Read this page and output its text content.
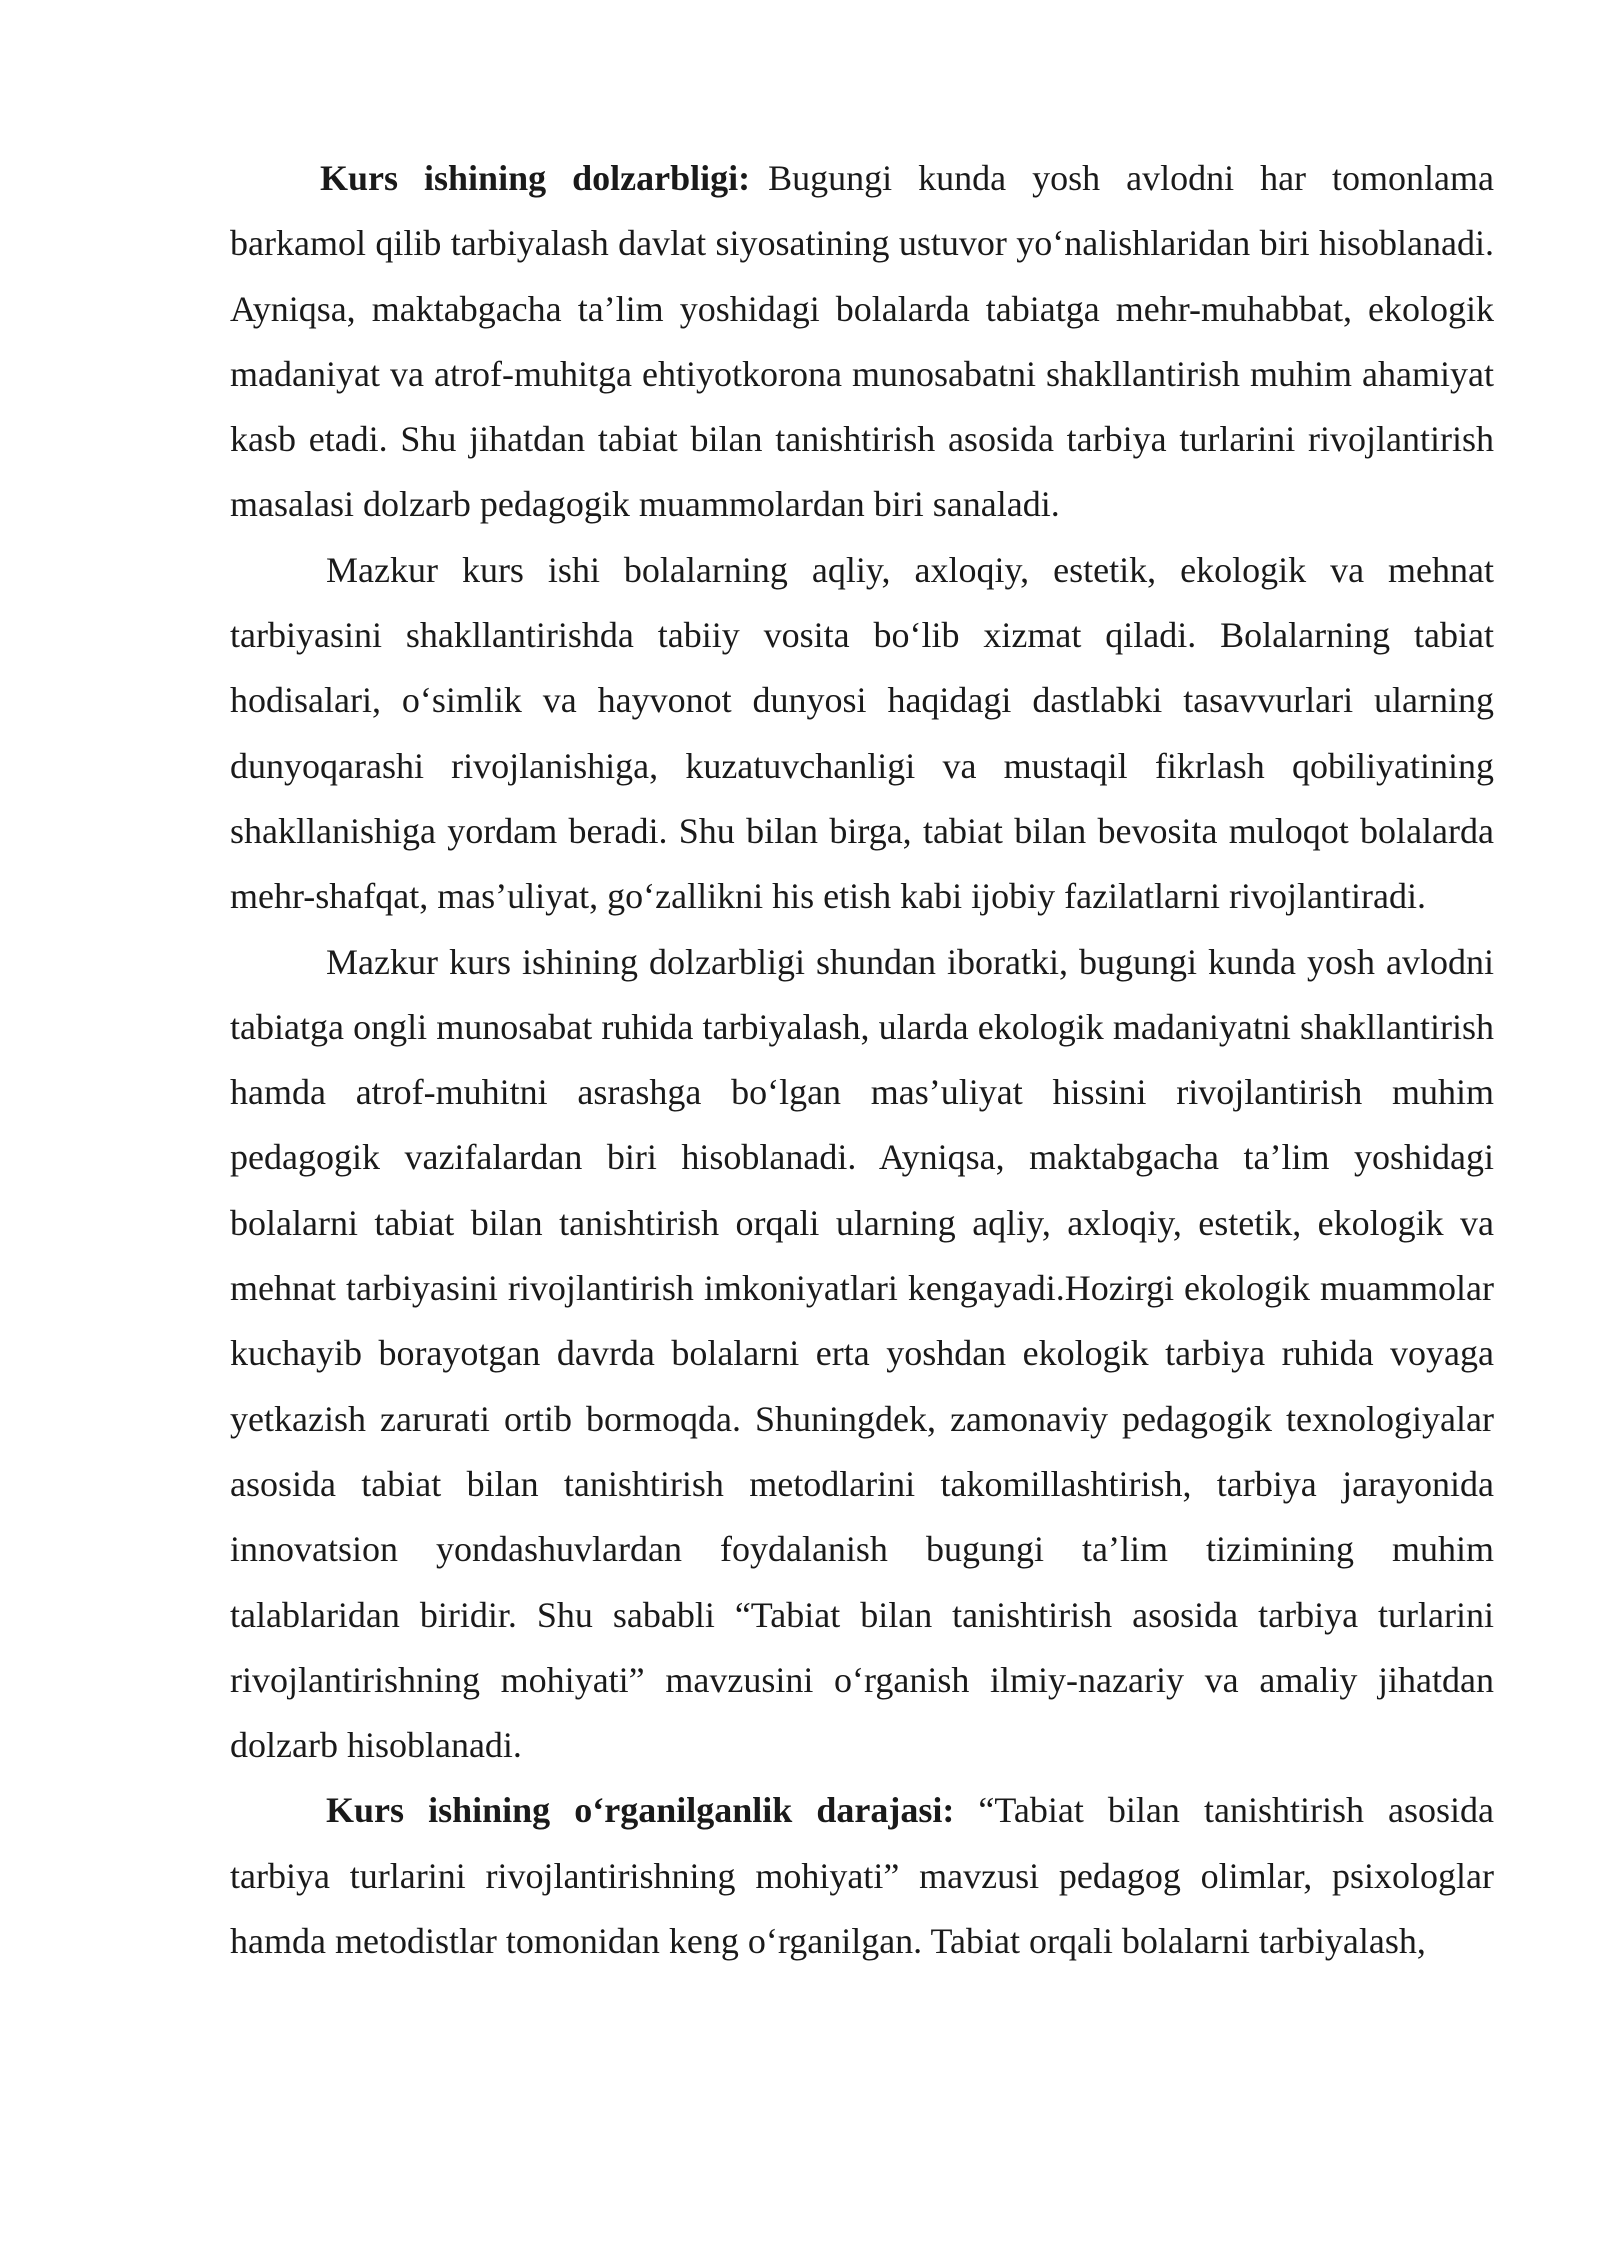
Kurs ishining dolzarbligi: Bugungi kunda yosh avlodni har tomonlama barkamol qilib tarbiyalash davlat siyosatining ustuvor yo‘nalishlaridan biri hisoblanadi. Ayniqsa, maktabgacha ta’lim yoshidagi bolalarda tabiatga mehr-muhabbat, ekologik madaniyat va atrof-muhitga ehtiyotkorona munosabatni shakllantirish muhim ahamiyat kasb etadi. Shu jihatdan tabiat bilan tanishtirish asosida tarbiya turlarini rivojlantirish masalasi dolzarb pedagogik muammolardan biri sanaladi.

Mazkur kurs ishi bolalarning aqliy, axloqiy, estetik, ekologik va mehnat tarbiyasini shakllantirishda tabiiy vosita bo‘lib xizmat qiladi. Bolalarning tabiat hodisalari, o‘simlik va hayvonot dunyosi haqidagi dastlabki tasavvurlari ularning dunyoqarashi rivojlanishiga, kuzatuvchanligi va mustaqil fikrlash qobiliyatining shakllanishiga yordam beradi. Shu bilan birga, tabiat bilan bevosita muloqot bolalarda mehr-shafqat, mas’uliyat, go‘zallikni his etish kabi ijobiy fazilatlarni rivojlantiradi.

Mazkur kurs ishining dolzarbligi shundan iboratki, bugungi kunda yosh avlodni tabiatga ongli munosabat ruhida tarbiyalash, ularda ekologik madaniyatni shakllantirish hamda atrof-muhitni asrashga bo‘lgan mas’uliyat hissini rivojlantirish muhim pedagogik vazifalardan biri hisoblanadi. Ayniqsa, maktabgacha ta’lim yoshidagi bolalarni tabiat bilan tanishtirish orqali ularning aqliy, axloqiy, estetik, ekologik va mehnat tarbiyasini rivojlantirish imkoniyatlari kengayadi.Hozirgi ekologik muammolar kuchayib borayotgan davrda bolalarni erta yoshdan ekologik tarbiya ruhida voyaga yetkazish zarurati ortib bormoqda. Shuningdek, zamonaviy pedagogik texnologiyalar asosida tabiat bilan tanishtirish metodlarini takomillashtirish, tarbiya jarayonida innovatsion yondashuvlardan foydalanish bugungi ta’lim tizimining muhim talablaridan biridir. Shu sababli “Tabiat bilan tanishtirish asosida tarbiya turlarini rivojlantirishning mohiyati” mavzusini o‘rganish ilmiy-nazariy va amaliy jihatdan dolzarb hisoblanadi.

Kurs ishining o‘rganilganlik darajasi: “Tabiat bilan tanishtirish asosida tarbiya turlarini rivojlantirishning mohiyati” mavzusi pedagog olimlar, psixologlar hamda metodistlar tomonidan keng o‘rganilgan. Tabiat orqali bolalarni tarbiyalash,
